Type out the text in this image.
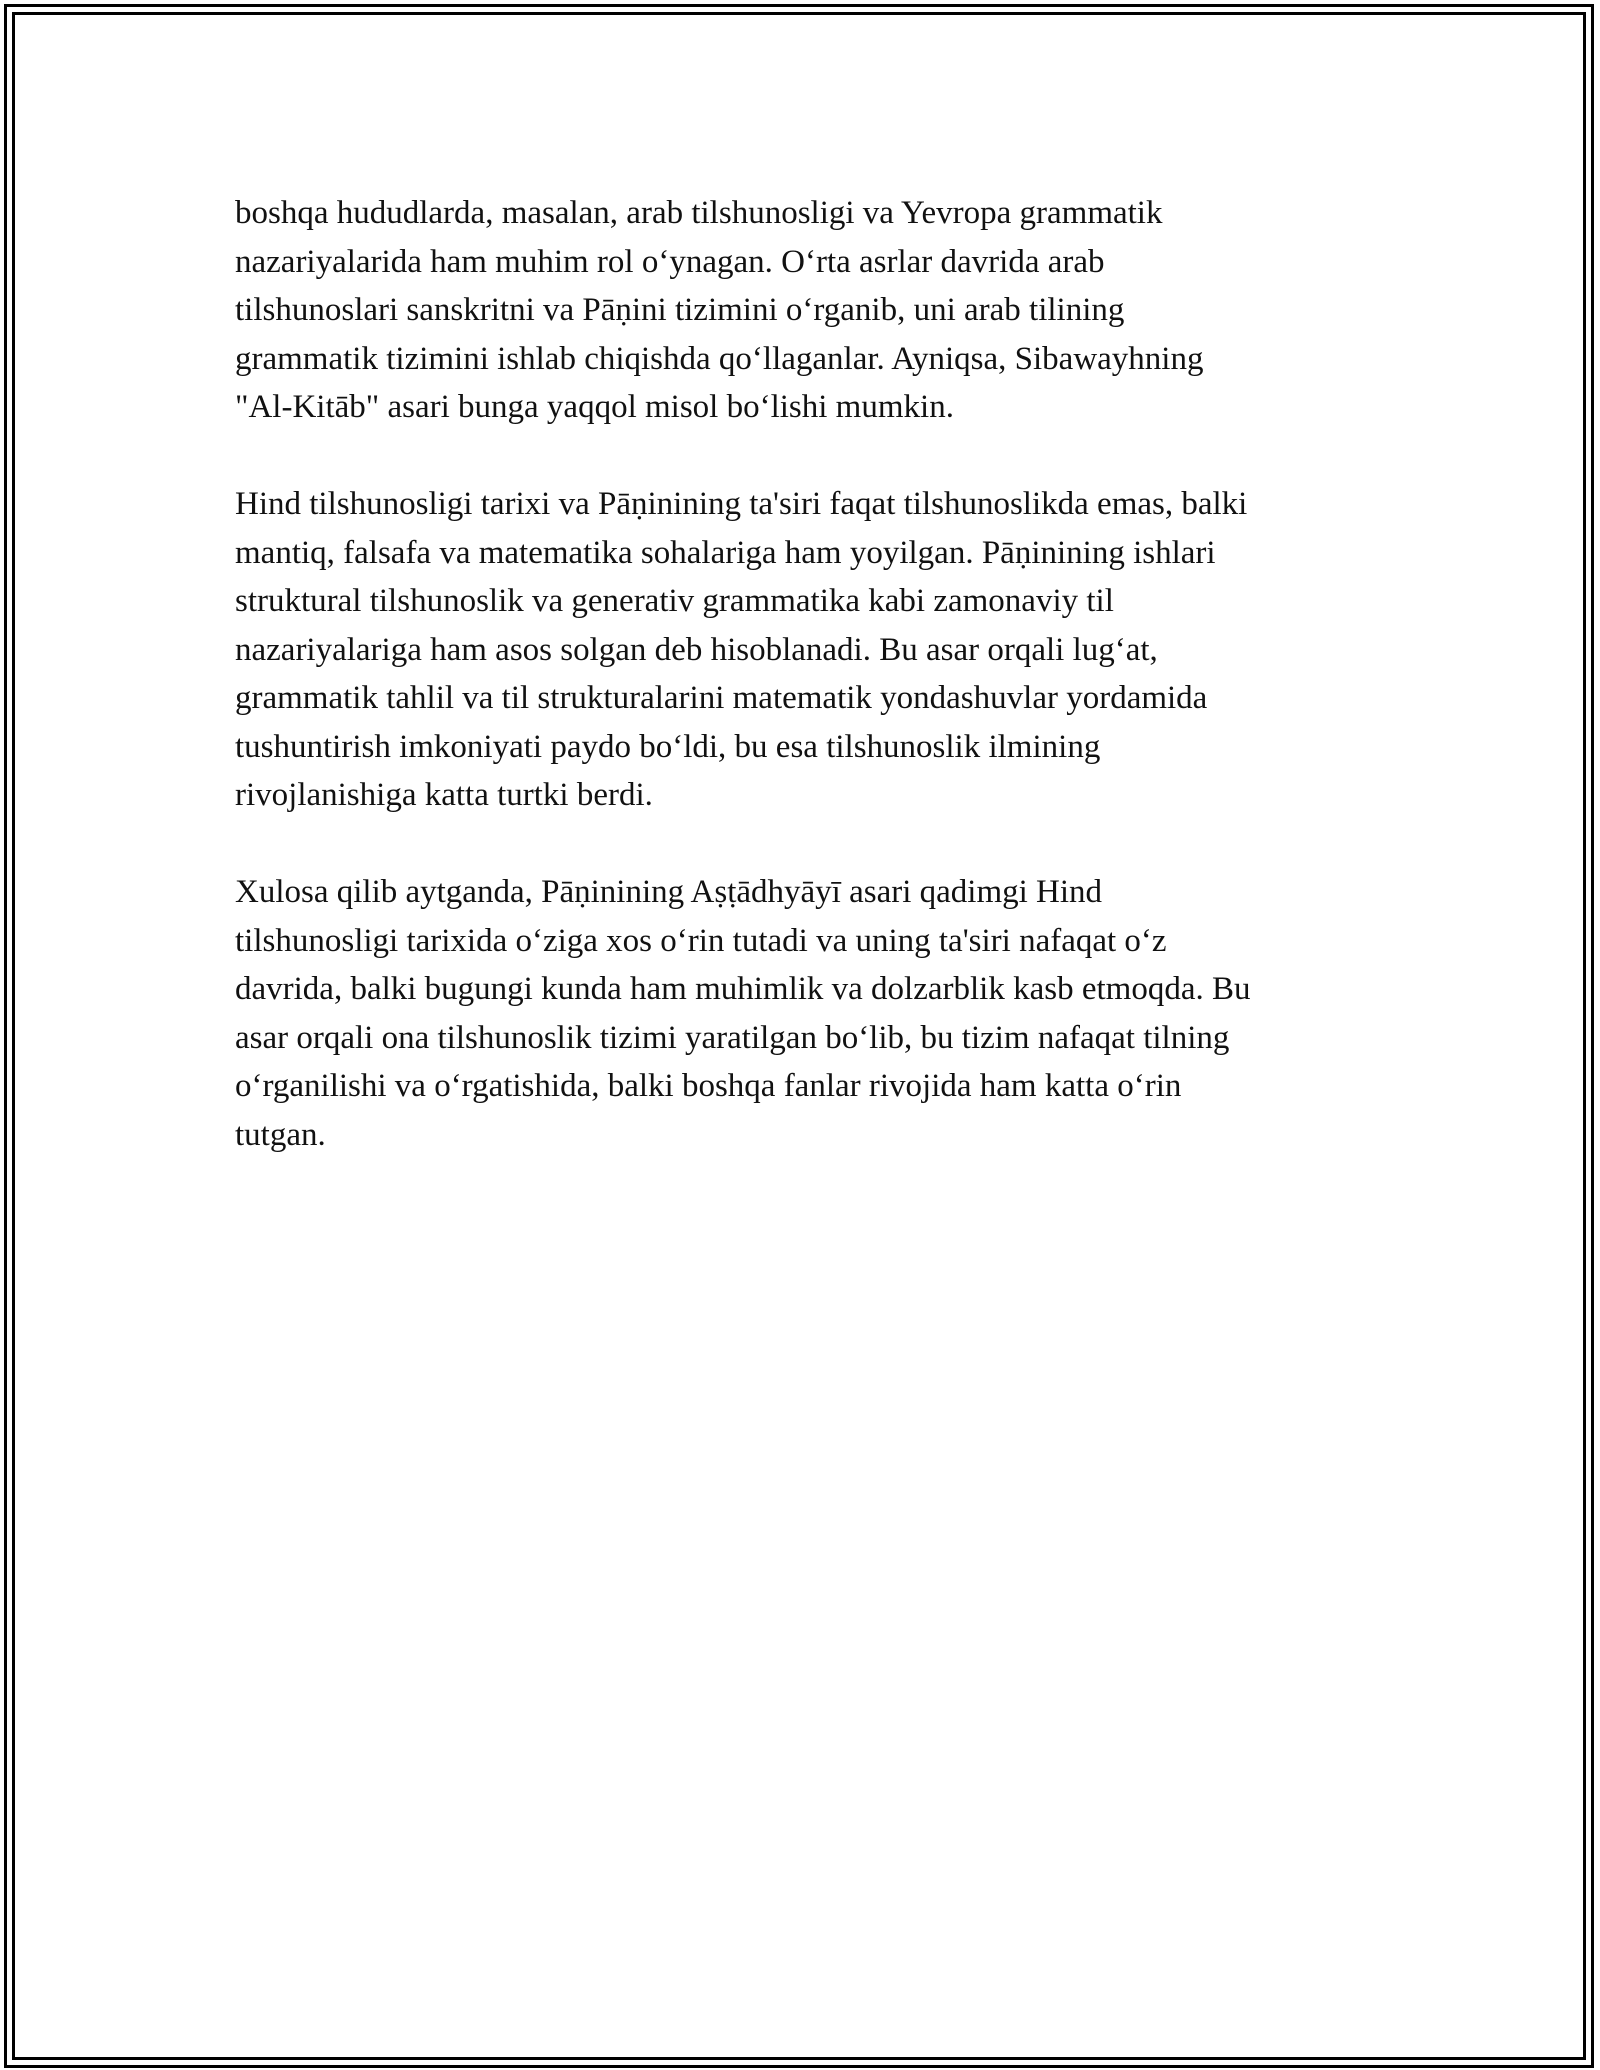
boshqa hududlarda, masalan, arab tilshunosligi va Yevropa grammatik
nazariyalarida ham muhim rol o‘ynagan. O‘rta asrlar davrida arab
tilshunoslari sanskritni va Pāṇini tizimini o‘rganib, uni arab tilining
grammatik tizimini ishlab chiqishda qo‘llaganlar. Ayniqsa, Sibawayhning
"Al-Kitāb" asari bunga yaqqol misol bo‘lishi mumkin.
Hind tilshunosligi tarixi va Pāṇinining ta'siri faqat tilshunoslikda emas, balki
mantiq, falsafa va matematika sohalariga ham yoyilgan. Pāṇinining ishlari
struktural tilshunoslik va generativ grammatika kabi zamonaviy til
nazariyalariga ham asos solgan deb hisoblanadi. Bu asar orqali lug‘at,
grammatik tahlil va til strukturalarini matematik yondashuvlar yordamida
tushuntirish imkoniyati paydo bo‘ldi, bu esa tilshunoslik ilmining
rivojlanishiga katta turtki berdi.
Xulosa qilib aytganda, Pāṇinining Aṣṭādhyāyī asari qadimgi Hind
tilshunosligi tarixida o‘ziga xos o‘rin tutadi va uning ta'siri nafaqat o‘z
davrida, balki bugungi kunda ham muhimlik va dolzarblik kasb etmoqda. Bu
asar orqali ona tilshunoslik tizimi yaratilgan bo‘lib, bu tizim nafaqat tilning
o‘rganilishi va o‘rgatishida, balki boshqa fanlar rivojida ham katta o‘rin
tutgan.
